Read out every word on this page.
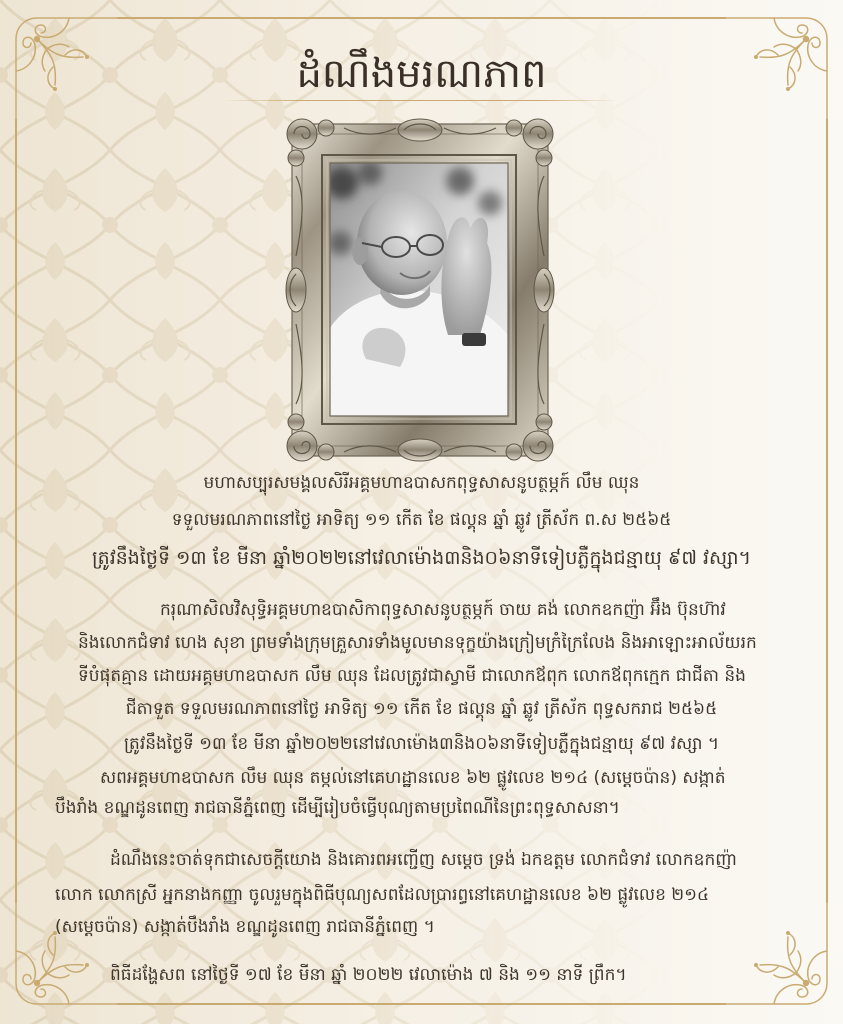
ដំណឹងមរណភាព
មហាសប្បុរសមង្គលសិរីអគ្គមហាឧបាសកពុទ្ធសាសនូបត្ថម្ភក៍ លឹម ឈុន
ទទួលមរណភាពនៅថ្ងៃ អាទិត្យ ១១ កើត ខែ ផល្គុន ឆ្នាំ ឆ្លូវ ត្រីស័ក ព.ស ២៥៦៥
ត្រូវនឹងថ្ងៃទី ១៣ ខែ មីនា ឆ្នាំ២០២២នៅវេលាម៉ោង៣និង០៦នាទីទៀបភ្លឺក្នុងជន្មាយុ ៩៧ វស្សា។
ករុណាសិលវិសុទ្ធិអគ្គមហាឧបាសិកាពុទ្ធសាសនូបត្ថម្ភក៍ ចាយ គង់ លោកឧកញ៉ា អ៊ឹង ប៊ុនហ៊ាវ
និងលោកជំទាវ ហេង សុខា ព្រមទាំងក្រុមគ្រួសារទាំងមូលមានទុក្ខយ៉ាងក្រៀមក្រំក្រៃលែង និងអាឡោះអាល័យរក
ទីបំផុតគ្មាន ដោយអគ្គមហាឧបាសក លឹម ឈុន ដែលត្រូវជាស្វាមី ជាលោកឪពុក លោកឪពុកក្មេក ជាជីតា និង
ជីតាទួត ទទួលមរណភាពនៅថ្ងៃ អាទិត្យ ១១ កើត ខែ ផល្គុន ឆ្នាំ ឆ្លូវ ត្រីស័ក ពុទ្ធសករាជ ២៥៦៥
ត្រូវនឹងថ្ងៃទី ១៣ ខែ មីនា ឆ្នាំ២០២២នៅវេលាម៉ោង៣និង០៦នាទីទៀបភ្លឺក្នុងជន្មាយុ ៩៧ វស្សា ។
សពអគ្គមហាឧបាសក លឹម ឈុន តម្កល់នៅគេហដ្ឋានលេខ ៦២ ផ្លូវលេខ ២១៤ (សម្ដេចប៉ាន) សង្កាត់
បឹងរាំង ខណ្ឌដូនពេញ រាជធានីភ្នំពេញ ដើម្បីរៀបចំធ្វើបុណ្យតាមប្រពៃណីនៃព្រះពុទ្ធសាសនា។
ដំណឹងនេះចាត់ទុកជាសេចក្ដីយោង និងគោរពអញ្ជើញ សម្ដេច ទ្រង់ ឯកឧត្ដម លោកជំទាវ លោកឧកញ៉ា
លោក លោកស្រី អ្នកនាងកញ្ញា ចូលរួមក្នុងពិធីបុណ្យសពដែលប្រារព្ធនៅគេហដ្ឋានលេខ ៦២ ផ្លូវលេខ ២១៤
(សម្ដេចប៉ាន) សង្កាត់បឹងរាំង ខណ្ឌដូនពេញ រាជធានីភ្នំពេញ ។
ពិធីដង្ហែសព នៅថ្ងៃទី ១៧ ខែ មីនា ឆ្នាំ ២០២២ វេលាម៉ោង ៧ និង ១១ នាទី ព្រឹក។
